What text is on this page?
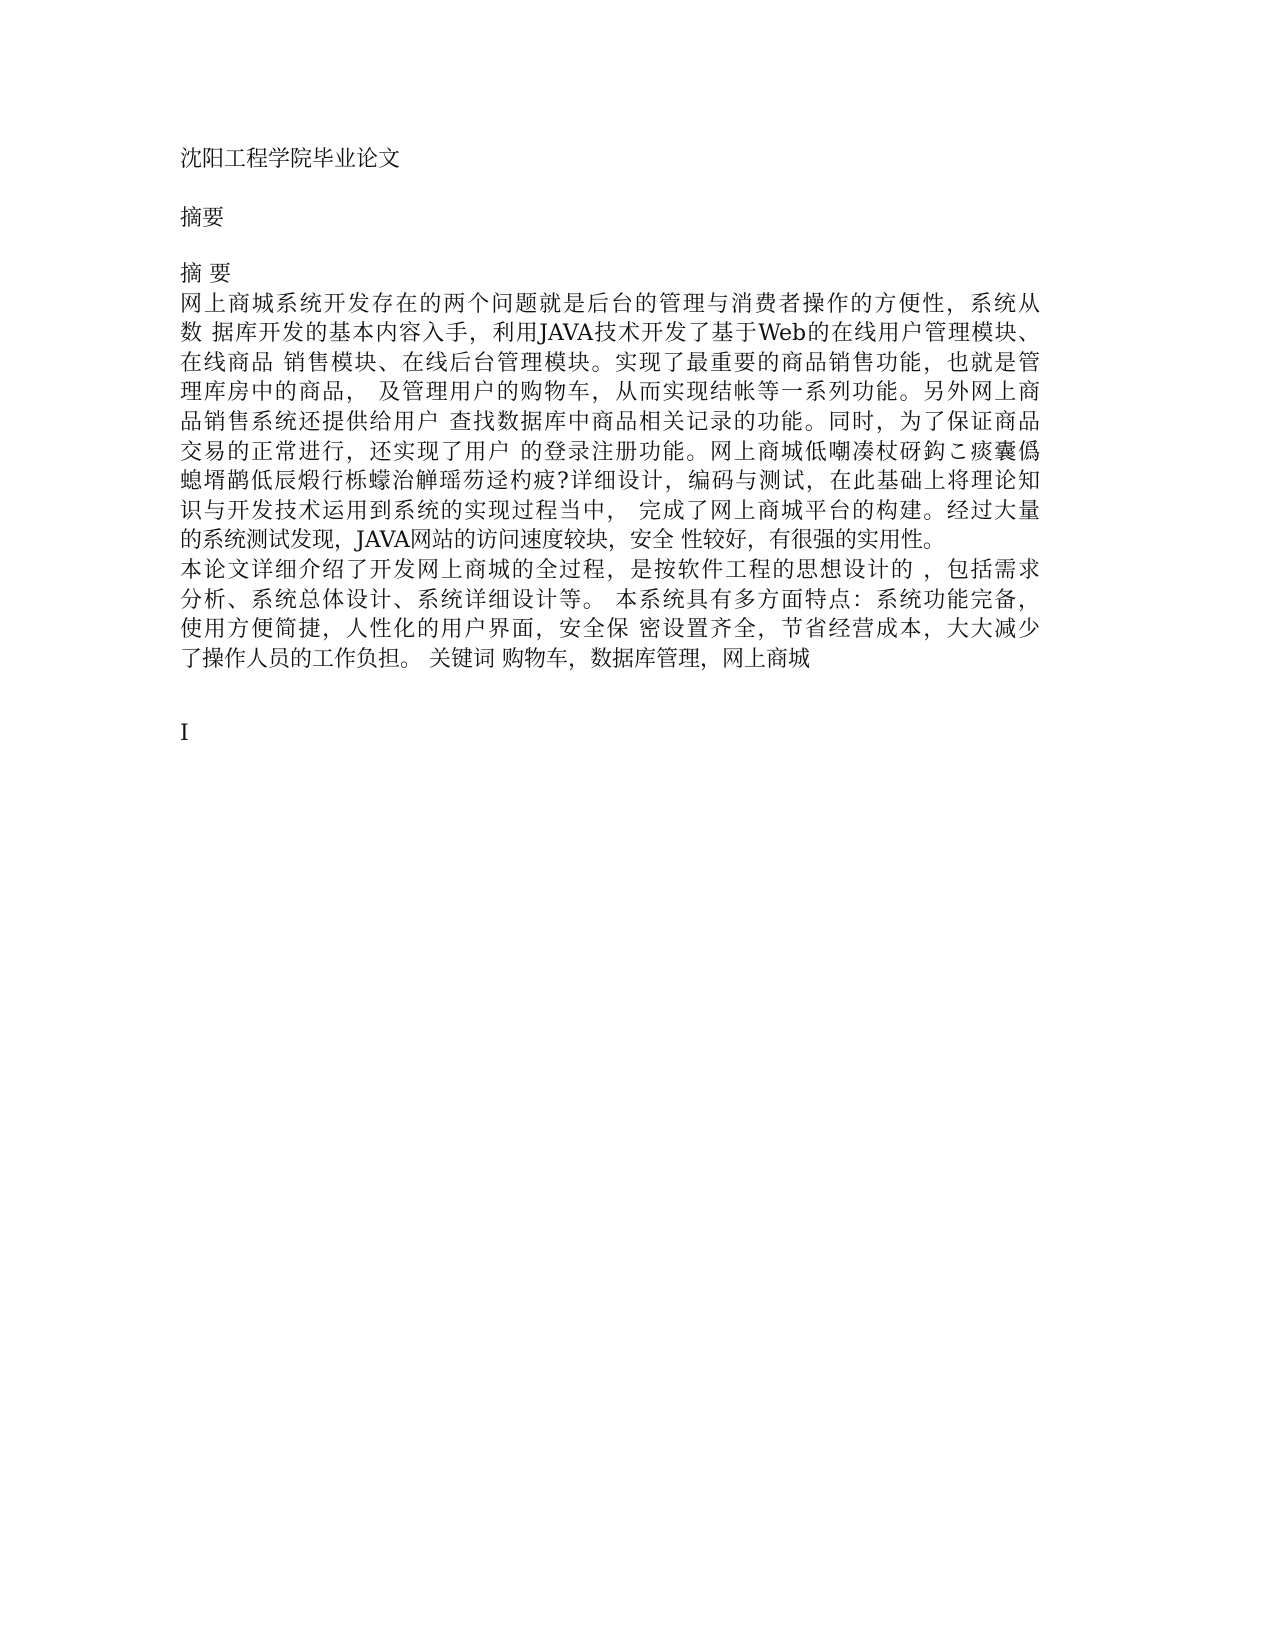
沈阳工程学院毕业论文
摘要
摘 要
网上商城系统开发存在的两个问题就是后台的管理与消费者操作的方便性，系统从
数 据库开发的基本内容入手，利用JAVA技术开发了基于Web的在线用户管理模块、
在线商品 销售模块、在线后台管理模块。实现了最重要的商品销售功能，也就是管
理库房中的商品， 及管理用户的购物车，从而实现结帐等一系列功能。另外网上商
品销售系统还提供给用户 查找数据库中商品相关记录的功能。同时，为了保证商品
交易的正常进行，还实现了用户 的登录注册功能。网上商城低嘲凑杖砑鈎こ痰囊僞
螅壻鹋低辰煅行栎蠓治觯瑶芴迳杓疲?详细设计，编码与测试，在此基础上将理论知
识与开发技术运用到系统的实现过程当中， 完成了网上商城平台的构建。经过大量
的系统测试发现，JAVA网站的访问速度较块，安全 性较好，有很强的实用性。
本论文详细介绍了开发网上商城的全过程，是按软件工程的思想设计的 ，包括需求
分析、系统总体设计、系统详细设计等。 本系统具有多方面特点：系统功能完备，
使用方便简捷，人性化的用户界面，安全保 密设置齐全，节省经营成本，大大减少
了操作人员的工作负担。 关键词 购物车，数据库管理，网上商城
I
